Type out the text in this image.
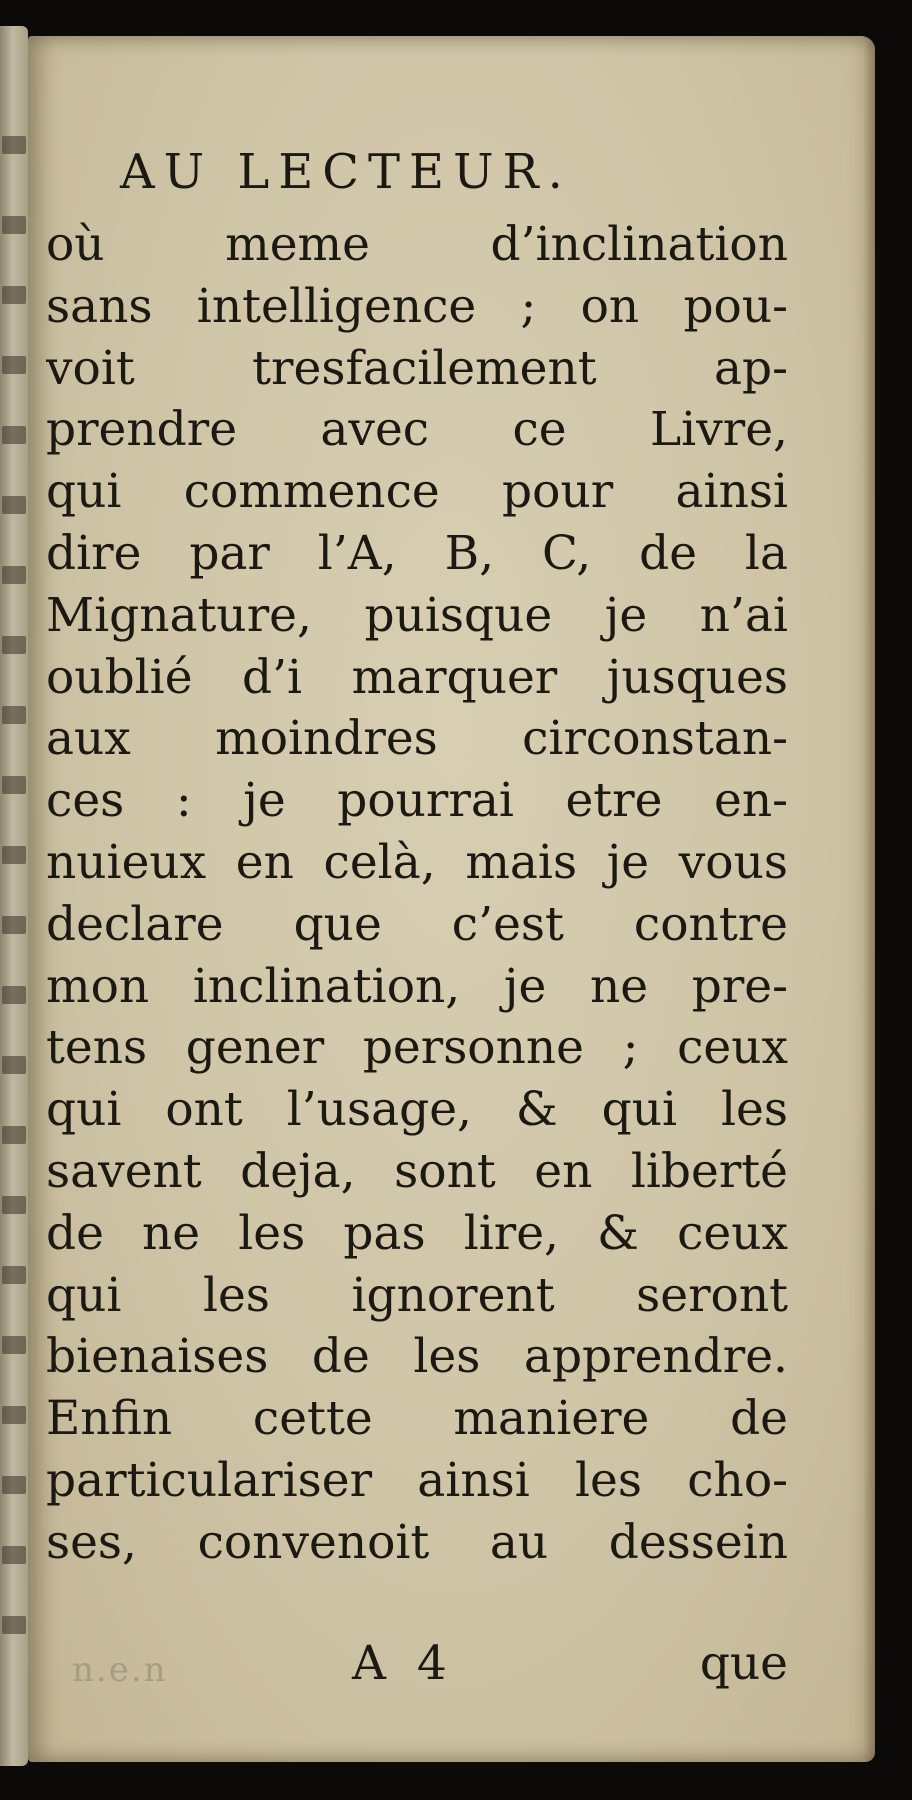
AU LECTEUR.
où meme d’inclination
sans intelligence ; on pou-
voit tresfacilement ap-
prendre avec ce Livre,
qui commence pour ainsi
dire par l’A, B, C, de la
Mignature, puisque je n’ai
oublié d’i marquer jusques
aux moindres circonstan-
ces : je pourrai etre en-
nuieux en celà, mais je vous
declare que c’est contre
mon inclination, je ne pre-
tens gener personne ; ceux
qui ont l’usage, & qui les
savent deja, sont en liberté
de ne les pas lire, & ceux
qui les ignorent seront
bienaises de les apprendre.
Enfin cette maniere de
particulariser ainsi les cho-
ses, convenoit au dessein
n.e.n	A 4	que
